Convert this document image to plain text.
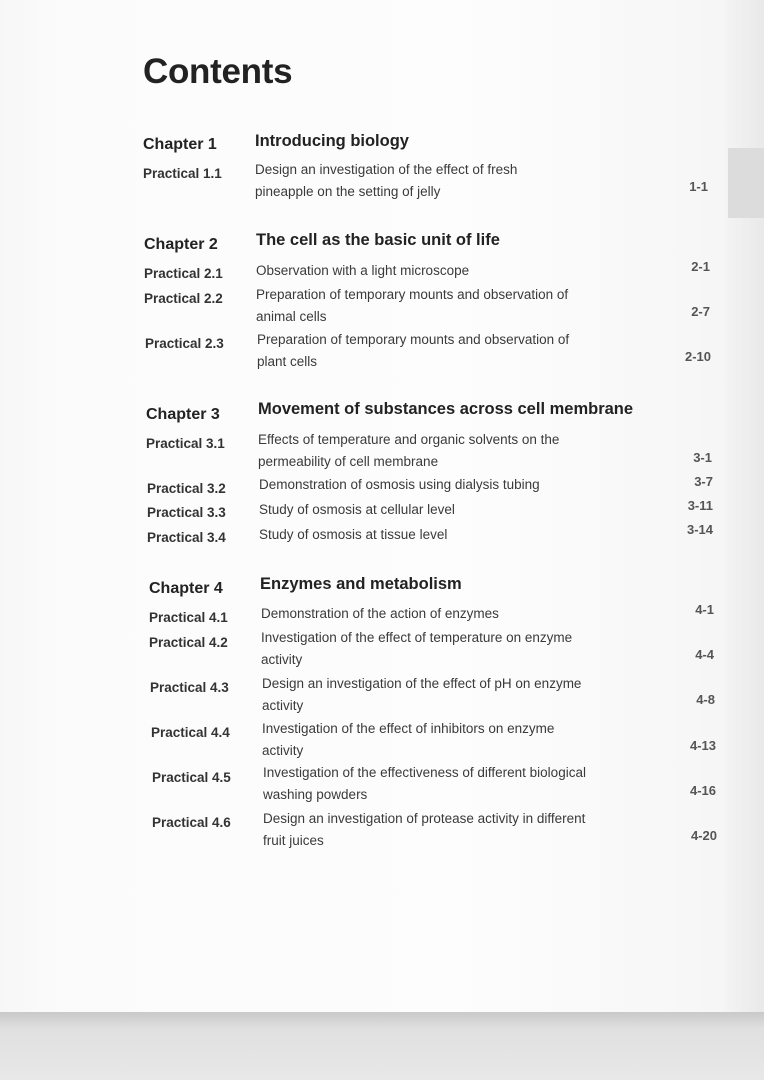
Contents
Chapter 1 Introducing biology
Practical 1.1 Design an investigation of the effect of fresh pineapple on the setting of jelly	1-1
Chapter 2 The cell as the basic unit of life
Practical 2.1 Observation with a light microscope	2-1
Practical 2.2 Preparation of temporary mounts and observation of animal cells	2-7
Practical 2.3 Preparation of temporary mounts and observation of plant cells	2-10
Chapter 3 Movement of substances across cell membrane
Practical 3.1 Effects of temperature and organic solvents on the permeability of cell membrane	3-1
Practical 3.2 Demonstration of osmosis using dialysis tubing	3-7
Practical 3.3 Study of osmosis at cellular level	3-11
Practical 3.4 Study of osmosis at tissue level	3-14
Chapter 4 Enzymes and metabolism
Practical 4.1 Demonstration of the action of enzymes	4-1
Practical 4.2 Investigation of the effect of temperature on enzyme activity	4-4
Practical 4.3 Design an investigation of the effect of pH on enzyme activity	4-8
Practical 4.4 Investigation of the effect of inhibitors on enzyme activity	4-13
Practical 4.5 Investigation of the effectiveness of different biological washing powders	4-16
Practical 4.6 Design an investigation of protease activity in different fruit juices	4-20
